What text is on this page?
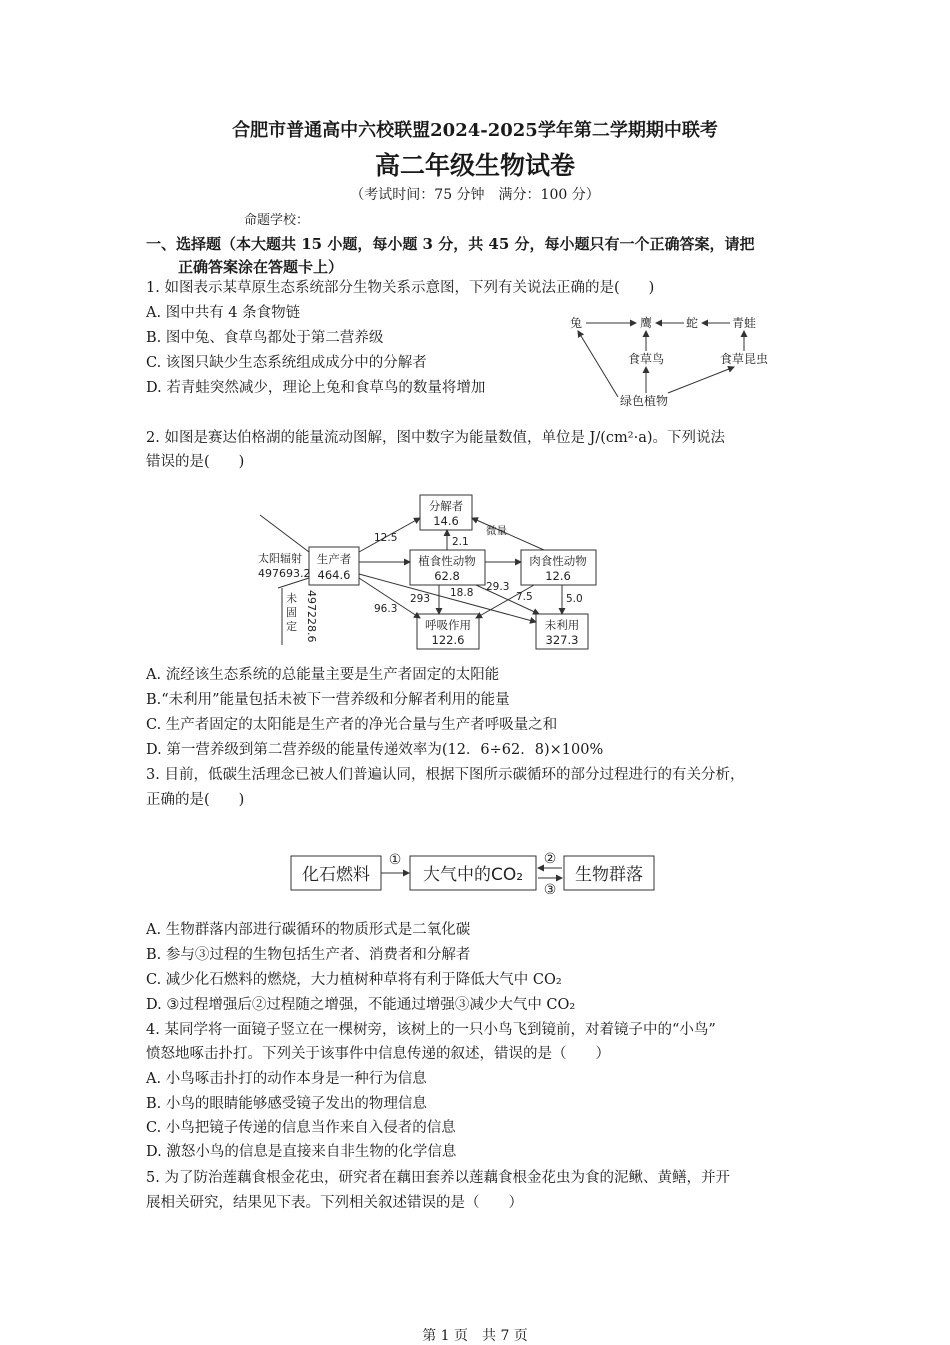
合肥市普通高中六校联盟2024-2025学年第二学期期中联考
高二年级生物试卷
（考试时间：75 分钟　满分：100 分）
命题学校：
一、选择题（本大题共 15 小题，每小题 3 分，共 45 分，每小题只有一个正确答案，请把
正确答案涂在答题卡上）
1. 如图表示某草原生态系统部分生物关系示意图，下列有关说法正确的是(　　)
A. 图中共有 4 条食物链
B. 图中兔、食草鸟都处于第二营养级
C. 该图只缺少生态系统组成成分中的分解者
D. 若青蛙突然减少，理论上兔和食草鸟的数量将增加
兔	鹰	蛇	青蛙
食草鸟	食草昆虫
绿色植物
2. 如图是赛达伯格湖的能量流动图解，图中数字为能量数值，单位是 J/(cm²·a)。下列说法
错误的是(　　)
生产者
464.6
分解者
14.6
植食性动物
62.8
肉食性动物
12.6
呼吸作用
122.6
未利用
327.3
太阳辐射
497693.2
未
固
定 497228.6
12.5	2.1
微量
96.3
293 18.8 29.3
7.5	5.0
A. 流经该生态系统的总能量主要是生产者固定的太阳能
B.“未利用”能量包括未被下一营养级和分解者利用的能量
C. 生产者固定的太阳能是生产者的净光合量与生产者呼吸量之和
D. 第一营养级到第二营养级的能量传递效率为(12．6÷62．8)×100%
3. 目前，低碳生活理念已被人们普遍认同，根据下图所示碳循环的部分过程进行的有关分析，
正确的是(　　)
化石燃料	大气中的CO₂	生物群落
①	②
③
A. 生物群落内部进行碳循环的物质形式是二氧化碳
B. 参与③过程的生物包括生产者、消费者和分解者
C. 减少化石燃料的燃烧，大力植树种草将有利于降低大气中 CO₂
D. ③过程增强后②过程随之增强，不能通过增强③减少大气中 CO₂
4. 某同学将一面镜子竖立在一棵树旁，该树上的一只小鸟飞到镜前，对着镜子中的“小鸟”
愤怒地啄击扑打。下列关于该事件中信息传递的叙述，错误的是（　　）
A. 小鸟啄击扑打的动作本身是一种行为信息
B. 小鸟的眼睛能够感受镜子发出的物理信息
C. 小鸟把镜子传递的信息当作来自入侵者的信息
D. 激怒小鸟的信息是直接来自非生物的化学信息
5. 为了防治莲藕食根金花虫，研究者在藕田套养以莲藕食根金花虫为食的泥鳅、黄鳝，并开
展相关研究，结果见下表。下列相关叙述错误的是（　　）
第 1 页　共 7 页
